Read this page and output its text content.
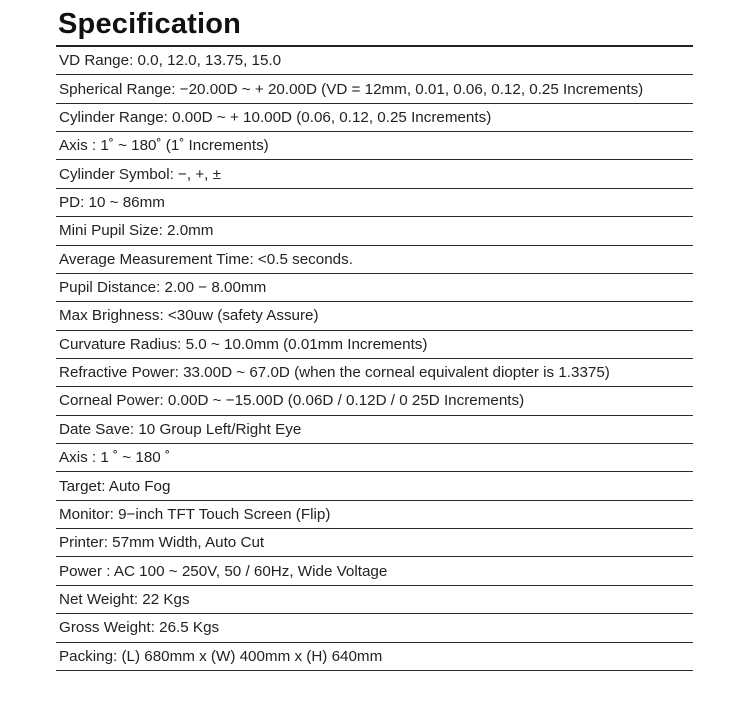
Specification
VD Range: 0.0, 12.0, 13.75, 15.0
Spherical Range: −20.00D ~ + 20.00D (VD = 12mm, 0.01, 0.06, 0.12, 0.25 Increments)
Cylinder Range: 0.00D ~ + 10.00D (0.06, 0.12, 0.25 Increments)
Axis : 1˚ ~ 180˚ (1˚ Increments)
Cylinder Symbol: −, +, ±
PD: 10 ~ 86mm
Mini Pupil Size: 2.0mm
Average Measurement Time: <0.5 seconds.
Pupil Distance: 2.00 − 8.00mm
Max Brighness: <30uw (safety Assure)
Curvature Radius: 5.0 ~ 10.0mm (0.01mm Increments)
Refractive Power: 33.00D ~ 67.0D (when the corneal equivalent diopter is 1.3375)
Corneal Power: 0.00D ~ −15.00D (0.06D / 0.12D / 0 25D Increments)
Date Save: 10 Group Left/Right Eye
Axis : 1 ˚ ~ 180 ˚
Target: Auto Fog
Monitor: 9−inch TFT Touch Screen (Flip)
Printer: 57mm Width, Auto Cut
Power : AC 100 ~ 250V, 50 / 60Hz, Wide Voltage
Net Weight: 22 Kgs
Gross Weight: 26.5 Kgs
Packing: (L) 680mm x (W) 400mm x (H) 640mm
